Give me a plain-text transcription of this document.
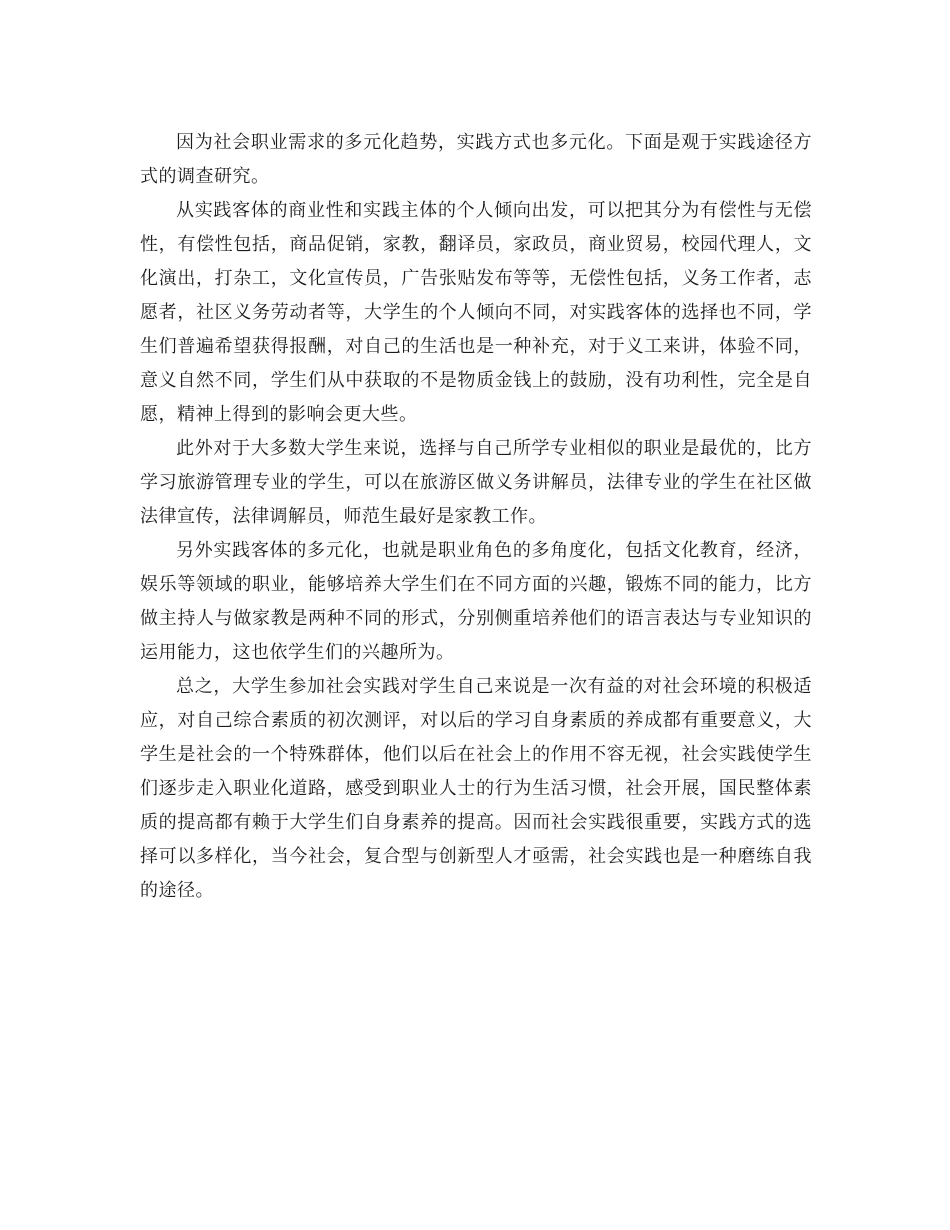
因为社会职业需求的多元化趋势，实践方式也多元化。下面是观于实践途径方式的调查研究。

从实践客体的商业性和实践主体的个人倾向出发，可以把其分为有偿性与无偿性，有偿性包括，商品促销，家教，翻译员，家政员，商业贸易，校园代理人，文化演出，打杂工，文化宣传员，广告张贴发布等等，无偿性包括，义务工作者，志愿者，社区义务劳动者等，大学生的个人倾向不同，对实践客体的选择也不同，学生们普遍希望获得报酬，对自己的生活也是一种补充，对于义工来讲，体验不同，意义自然不同，学生们从中获取的不是物质金钱上的鼓励，没有功利性，完全是自愿，精神上得到的影响会更大些。

此外对于大多数大学生来说，选择与自己所学专业相似的职业是最优的，比方学习旅游管理专业的学生，可以在旅游区做义务讲解员，法律专业的学生在社区做法律宣传，法律调解员，师范生最好是家教工作。

另外实践客体的多元化，也就是职业角色的多角度化，包括文化教育，经济，娱乐等领域的职业，能够培养大学生们在不同方面的兴趣，锻炼不同的能力，比方做主持人与做家教是两种不同的形式，分别侧重培养他们的语言表达与专业知识的运用能力，这也依学生们的兴趣所为。

总之，大学生参加社会实践对学生自己来说是一次有益的对社会环境的积极适应，对自己综合素质的初次测评，对以后的学习自身素质的养成都有重要意义，大学生是社会的一个特殊群体，他们以后在社会上的作用不容无视，社会实践使学生们逐步走入职业化道路，感受到职业人士的行为生活习惯，社会开展，国民整体素质的提高都有赖于大学生们自身素养的提高。因而社会实践很重要，实践方式的选择可以多样化，当今社会，复合型与创新型人才亟需，社会实践也是一种磨练自我的途径。
